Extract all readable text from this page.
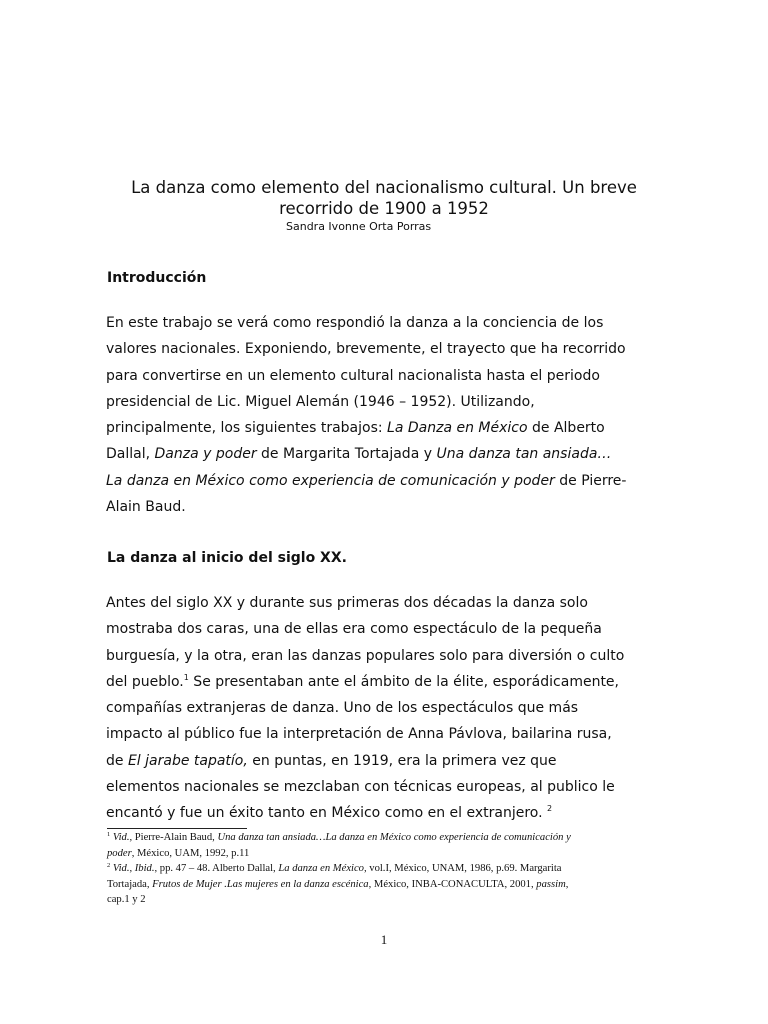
La danza como elemento del nacionalismo cultural. Un breve
recorrido de 1900 a 1952
Sandra Ivonne Orta Porras
Introducción
En este trabajo se verá como respondió la danza a la conciencia de los
valores nacionales. Exponiendo, brevemente, el trayecto que ha recorrido
para convertirse en un elemento cultural nacionalista hasta el periodo
presidencial de Lic. Miguel Alemán (1946 – 1952). Utilizando,
principalmente, los siguientes trabajos: La Danza en México de Alberto
Dallal, Danza y poder de Margarita Tortajada y Una danza tan ansiada…
La danza en México como experiencia de comunicación y poder de Pierre-
Alain Baud.
La danza al inicio del siglo XX.
Antes del siglo XX y durante sus primeras dos décadas la danza solo
mostraba dos caras, una de ellas era como espectáculo de la pequeña
burguesía, y la otra, eran las danzas populares solo para diversión o culto
del pueblo.$^1$ Se presentaban ante el ámbito de la élite, esporádicamente,
compañías extranjeras de danza. Uno de los espectáculos que más
impacto al público fue la interpretación de Anna Pávlova, bailarina rusa,
de El jarabe tapatío, en puntas, en 1919, era la primera vez que
elementos nacionales se mezclaban con técnicas europeas, al publico le
encantó y fue un éxito tanto en México como en el extranjero. $^2$
$^1$ Vid., Pierre-Alain Baud, Una danza tan ansiada…La danza en México como experiencia de comunicación y
poder, México, UAM, 1992, p.11
$^2$ Vid., Ibid., pp. 47 – 48. Alberto Dallal, La danza en México, vol.I, México, UNAM, 1986, p.69. Margarita
Tortajada, Frutos de Mujer .Las mujeres en la danza escénica, México, INBA-CONACULTA, 2001, passim,
cap.1 y 2
1
